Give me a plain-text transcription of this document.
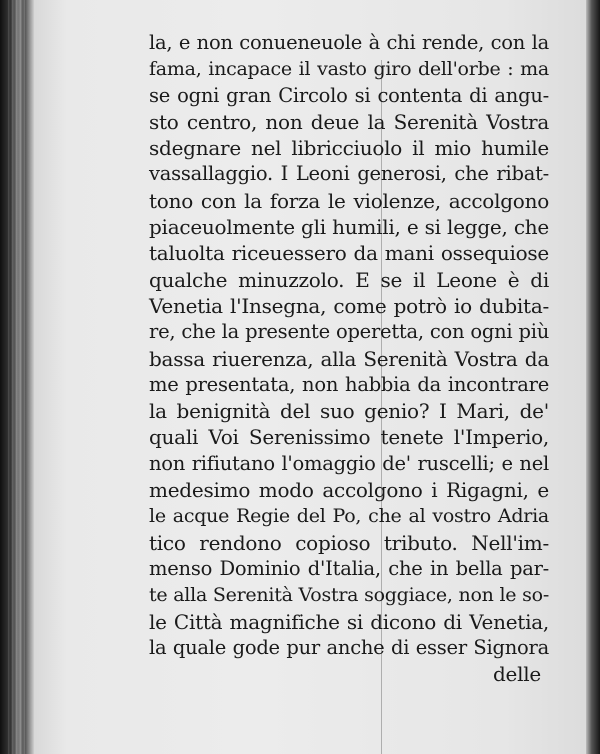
la, e non conueneuole à chi rende, con la
fama, incapace il vasto giro dell'orbe : ma
se ogni gran Circolo si contenta di angu-
sto centro, non deue la Serenità Vostra
sdegnare nel libricciuolo il mio humile
vassallaggio. I Leoni generosi, che ribat-
tono con la forza le violenze, accolgono
piaceuolmente gli humili, e si legge, che
taluolta riceuessero da mani ossequiose
qualche minuzzolo. E se il Leone è di
Venetia l'Insegna, come potrò io dubita-
re, che la presente operetta, con ogni più
bassa riuerenza, alla Serenità Vostra da
me presentata, non habbia da incontrare
la benignità del suo genio? I Mari, de'
quali Voi Serenissimo tenete l'Imperio,
non rifiutano l'omaggio de' ruscelli; e nel
medesimo modo accolgono i Rigagni, e
le acque Regie del Po, che al vostro Adria
tico rendono copioso tributo. Nell'im-
menso Dominio d'Italia, che in bella par-
te alla Serenità Vostra soggiace, non le so-
le Città magnifiche si dicono di Venetia,
la quale gode pur anche di esser Signora
delle
